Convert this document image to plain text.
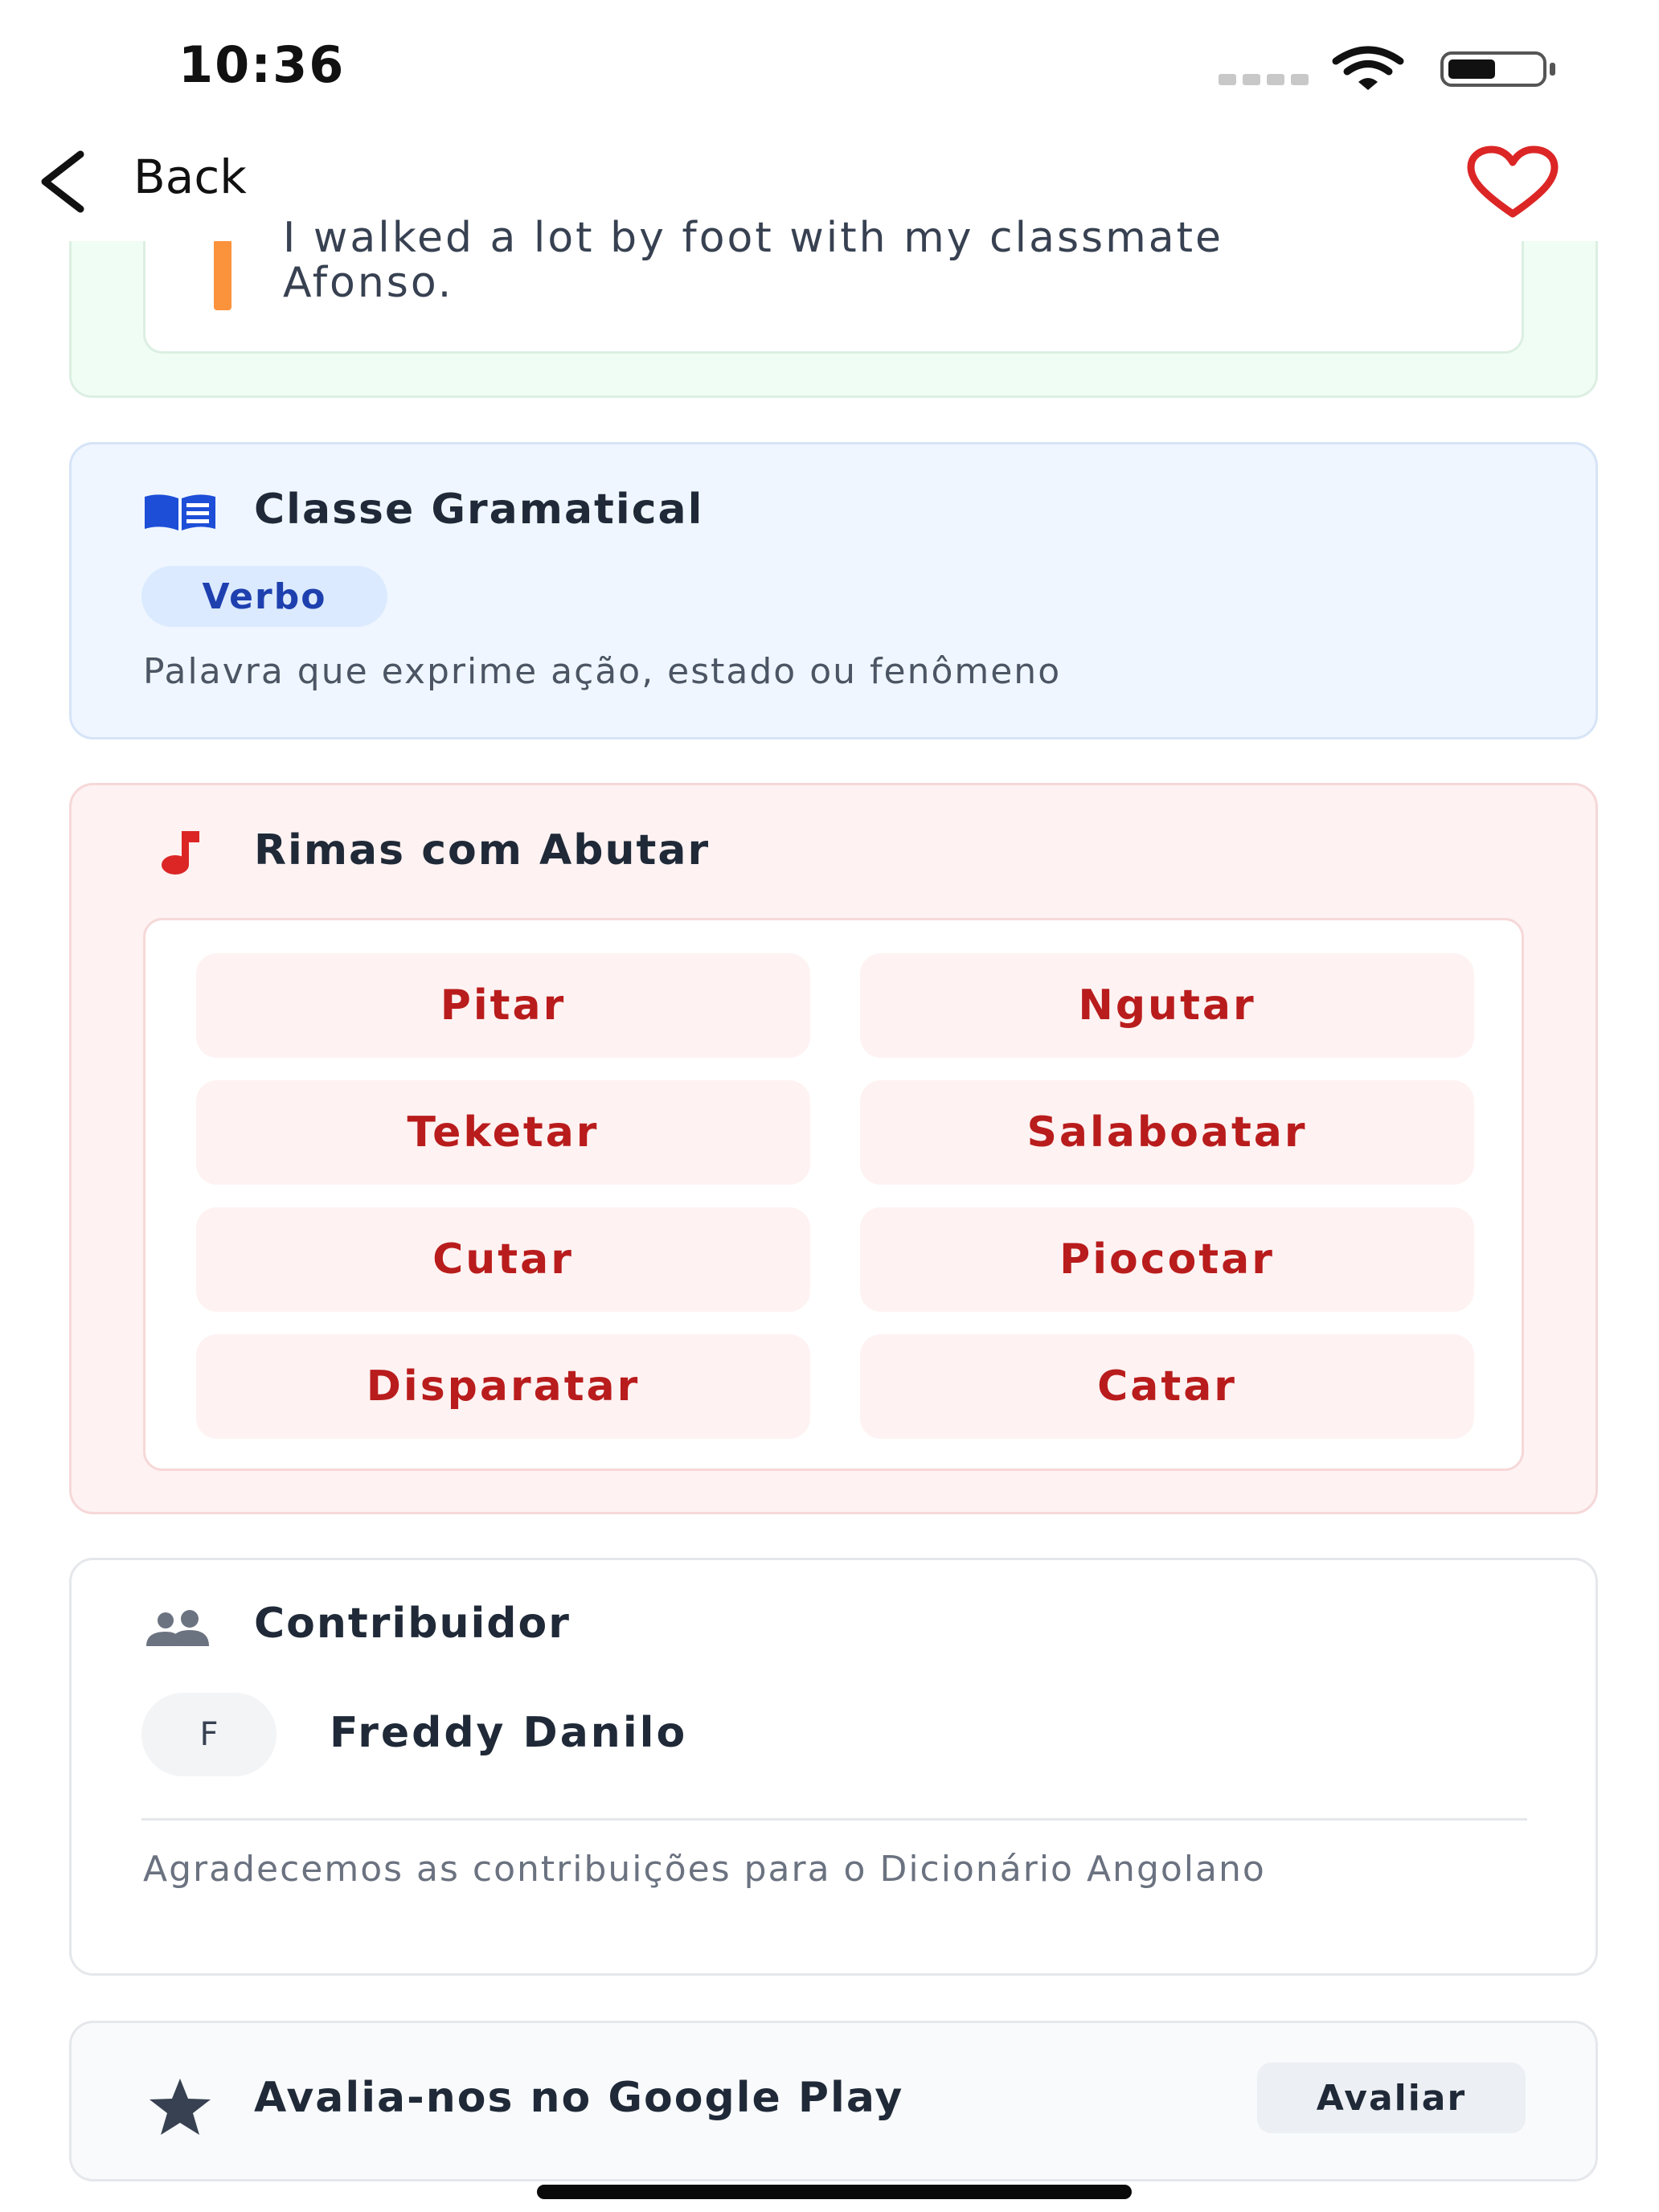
10:36
Afonso.
I walked a lot by foot with my classmate
Back
Classe Gramatical
Verbo
Palavra que exprime ação, estado ou fenômeno
Rimas com Abutar
Pitar	Ngutar
Teketar	Salaboatar
Cutar	Piocotar
Disparatar	Catar
Contribuidor
F	Freddy Danilo
Agradecemos as contribuições para o Dicionário Angolano
Avalia-nos no Google Play	Avaliar
